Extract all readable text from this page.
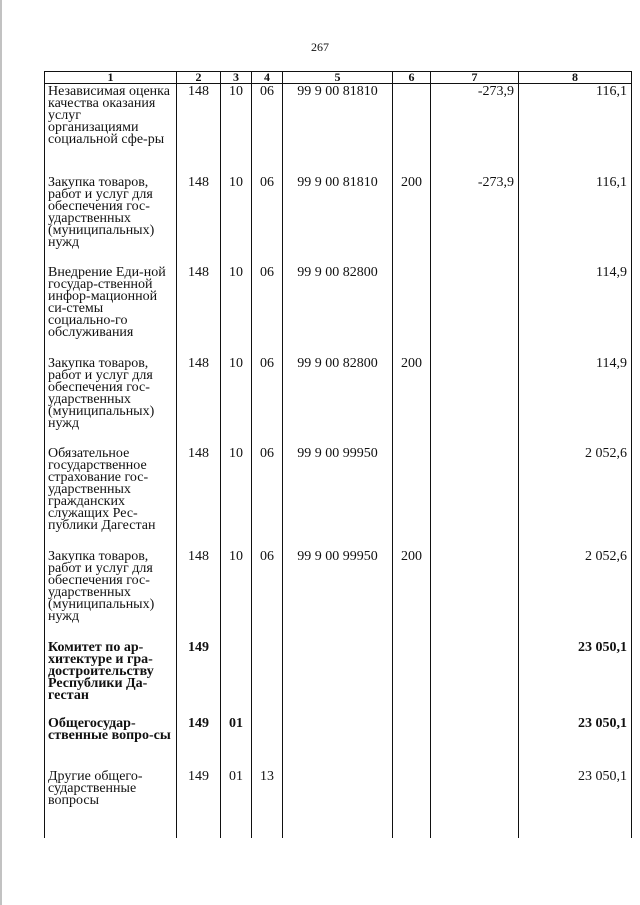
267
1	2	3	4	5	6	7	8
Независимая оценка качества оказания услуг организациями социальной сфе-ры	148	10	06	99 9 00 81810		-273,9	116,1
Закупка товаров, работ и услуг для обеспечения гос-ударственных (муниципальных) нужд	148	10	06	99 9 00 81810	200	-273,9	116,1
Внедрение Еди-ной государ-ственной инфор-мационной си-стемы социально-го обслуживания	148	10	06	99 9 00 82800			114,9
Закупка товаров, работ и услуг для обеспечения гос-ударственных (муниципальных) нужд	148	10	06	99 9 00 82800	200		114,9
Обязательное государственное страхование гос-ударственных гражданских служащих Рес-публики Дагестан	148	10	06	99 9 00 99950			2 052,6
Закупка товаров, работ и услуг для обеспечения гос-ударственных (муниципальных) нужд	148	10	06	99 9 00 99950	200		2 052,6
Комитет по ар-хитектуре и гра-достроительству Республики Да-гестан	149						23 050,1
Общегосудар-ственные вопро-сы	149	01					23 050,1
Другие общего-сударственные вопросы	149	01	13				23 050,1
